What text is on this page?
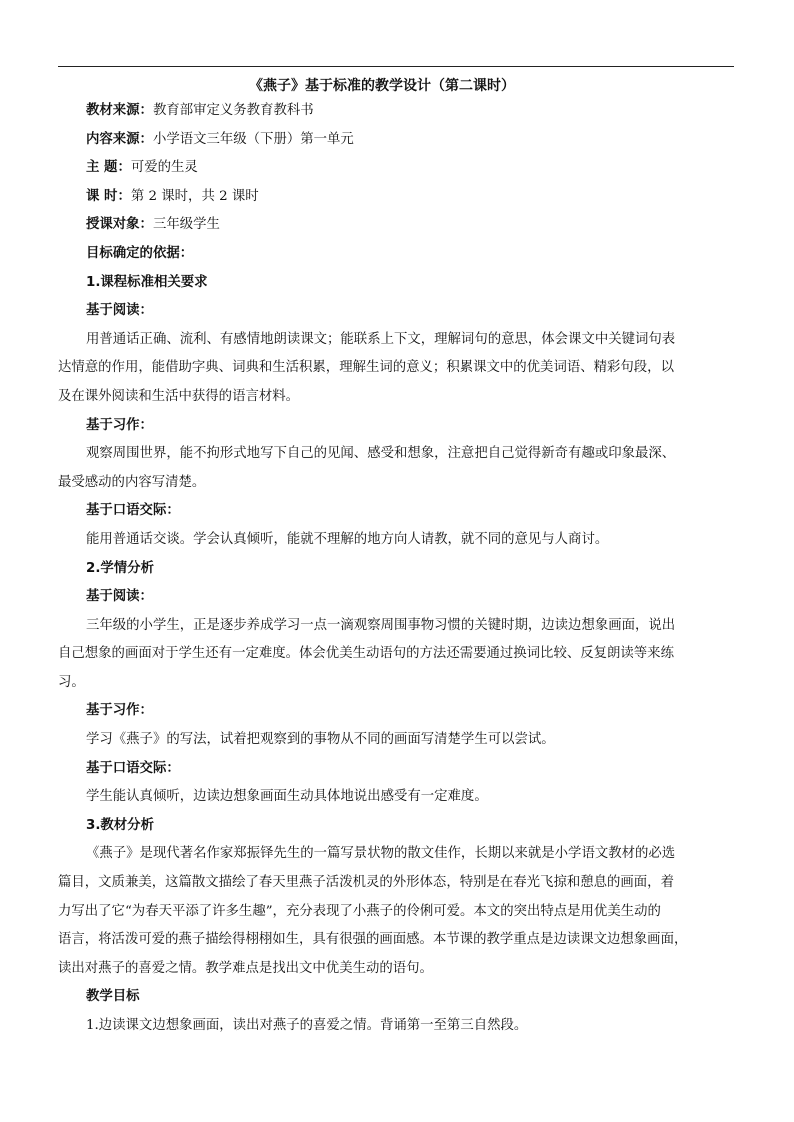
《燕子》基于标准的教学设计（第二课时）
教材来源：教育部审定义务教育教科书
内容来源：小学语文三年级（下册）第一单元
主 题：可爱的生灵
课 时：第 2 课时，共 2 课时
授课对象：三年级学生
目标确定的依据：
1.课程标准相关要求
基于阅读：
用普通话正确、流利、有感情地朗读课文；能联系上下文，理解词句的意思，体会课文中关键词句表
达情意的作用，能借助字典、词典和生活积累，理解生词的意义；积累课文中的优美词语、精彩句段，以
及在课外阅读和生活中获得的语言材料。
基于习作：
观察周围世界，能不拘形式地写下自己的见闻、感受和想象，注意把自己觉得新奇有趣或印象最深、
最受感动的内容写清楚。
基于口语交际：
能用普通话交谈。学会认真倾听，能就不理解的地方向人请教，就不同的意见与人商讨。
2.学情分析
基于阅读：
三年级的小学生，正是逐步养成学习一点一滴观察周围事物习惯的关键时期，边读边想象画面，说出
自己想象的画面对于学生还有一定难度。体会优美生动语句的方法还需要通过换词比较、反复朗读等来练
习。
基于习作：
学习《燕子》的写法，试着把观察到的事物从不同的画面写清楚学生可以尝试。
基于口语交际：
学生能认真倾听，边读边想象画面生动具体地说出感受有一定难度。
3.教材分析
《燕子》是现代著名作家郑振铎先生的一篇写景状物的散文佳作，长期以来就是小学语文教材的必选
篇目，文质兼美，这篇散文描绘了春天里燕子活泼机灵的外形体态，特别是在春光飞掠和憩息的画面，着
力写出了它“为春天平添了许多生趣”，充分表现了小燕子的伶俐可爱。本文的突出特点是用优美生动的
语言，将活泼可爱的燕子描绘得栩栩如生，具有很强的画面感。本节课的教学重点是边读课文边想象画面，
读出对燕子的喜爱之情。教学难点是找出文中优美生动的语句。
教学目标
1.边读课文边想象画面，读出对燕子的喜爱之情。背诵第一至第三自然段。
